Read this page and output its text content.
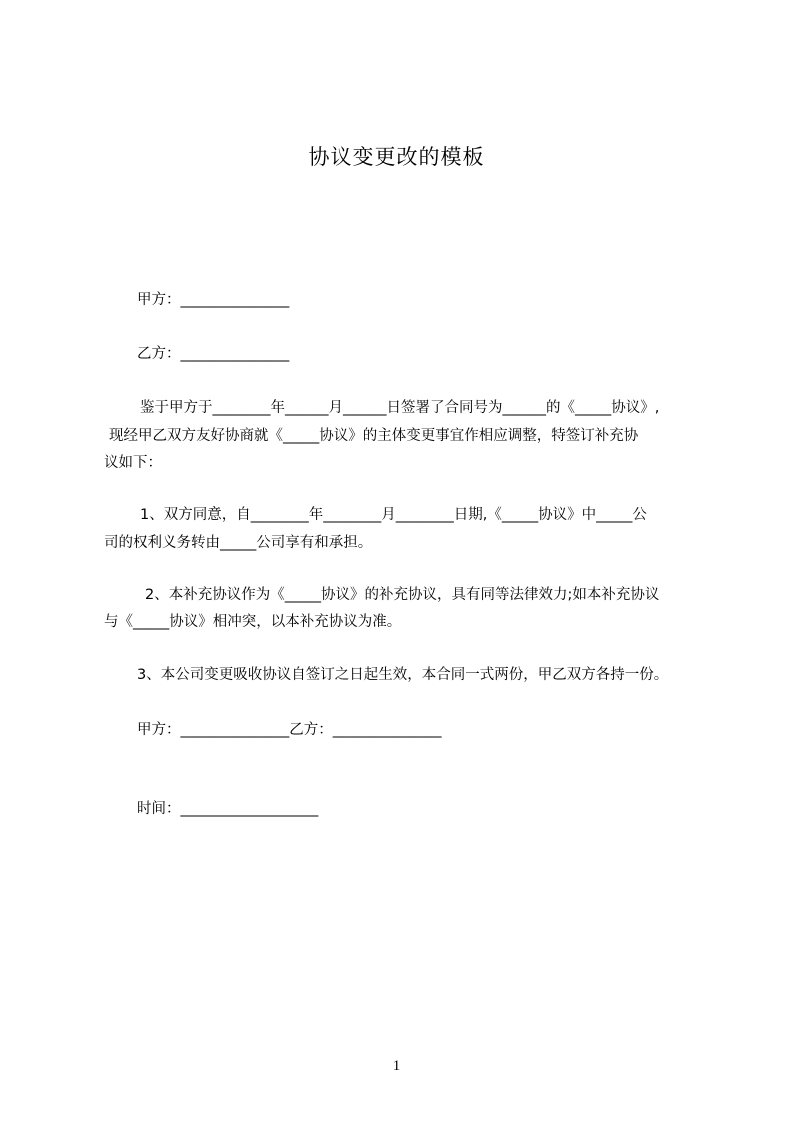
协议变更改的模板
甲方：_______________
乙方：_______________
鉴于甲方于________年______月______日签署了合同号为______的《_____协议》,
现经甲乙双方友好协商就《_____协议》的主体变更事宜作相应调整，特签订补充协
议如下：
1、双方同意，自________年________月________日期,《_____协议》中_____公
司的权利义务转由_____公司享有和承担。
2、本补充协议作为《_____协议》的补充协议，具有同等法律效力;如本补充协议
与《_____协议》相冲突，以本补充协议为准。
3、本公司变更吸收协议自签订之日起生效，本合同一式两份，甲乙双方各持一份。
甲方：_______________乙方：_______________
时间：___________________
1
